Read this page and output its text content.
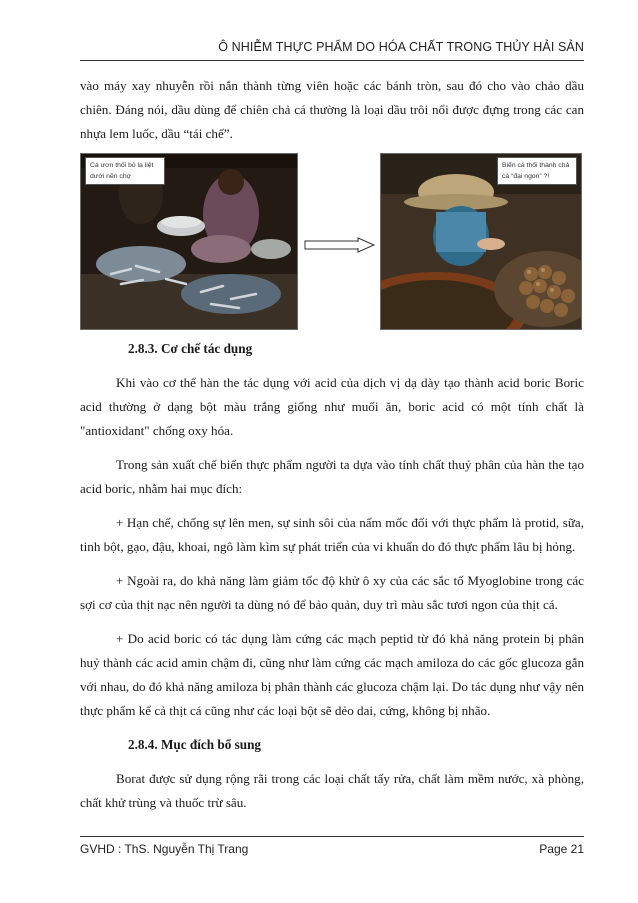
Ô NHIỄM THỰC PHẨM DO HÓA CHẤT TRONG THỦY HẢI SẢN

vào máy xay nhuyễn rồi nắn thành từng viên hoặc các bánh tròn, sau đó cho vào chảo dầu chiên. Đáng nói, dầu dùng để chiên chả cá thường là loại dầu trôi nổi được đựng trong các can nhựa lem luốc, dầu “tái chế”.

Cá ươn thối bỏ la liệt dưới nền chợ
Biến cá thối thành chả cá “đại ngon” ?!
2.8.3. Cơ chế tác dụng

Khi vào cơ thể hàn the tác dụng với acid của dịch vị dạ dày tạo thành acid boric Boric acid thường ở dạng bột màu trắng giống như muối ăn, boric acid có một tính chất là "antioxidant" chống oxy hóa.

Trong sản xuất chế biến thực phẩm người ta dựa vào tính chất thuỷ phân của hàn the tạo acid boric, nhằm hai mục đích:

+ Hạn chế, chống sự lên men, sự sinh sôi của nấm mốc đối với thực phẩm là protid, sữa, tinh bột, gạo, đậu, khoai, ngô làm kìm sự phát triển của vi khuẩn do đó thực phẩm lâu bị hỏng.

+ Ngoài ra, do khả năng làm giảm tốc độ khử ô xy của các sắc tố Myoglobine trong các sợi cơ của thịt nạc nên người ta dùng nó để bảo quản, duy trì màu sắc tươi ngon của thịt cá.

+ Do acid boric có tác dụng làm cứng các mạch peptid từ đó khả năng protein bị phân huỷ thành các acid amin chậm đi, cũng như làm cứng các mạch amiloza do các gốc glucoza gắn với nhau, do đó khả năng amiloza bị phân thành các glucoza chậm lại. Do tác dụng như vậy nên thực phẩm kể cả thịt cá cũng như các loại bột sẽ dẻo dai, cứng, không bị nhão.

2.8.4. Mục đích bổ sung

Borat được sử dụng rộng rãi trong các loại chất tẩy rửa, chất làm mềm nước, xà phòng, chất khử trùng và thuốc trừ sâu.

GVHD : ThS. Nguyễn Thị Trang	Page 21
